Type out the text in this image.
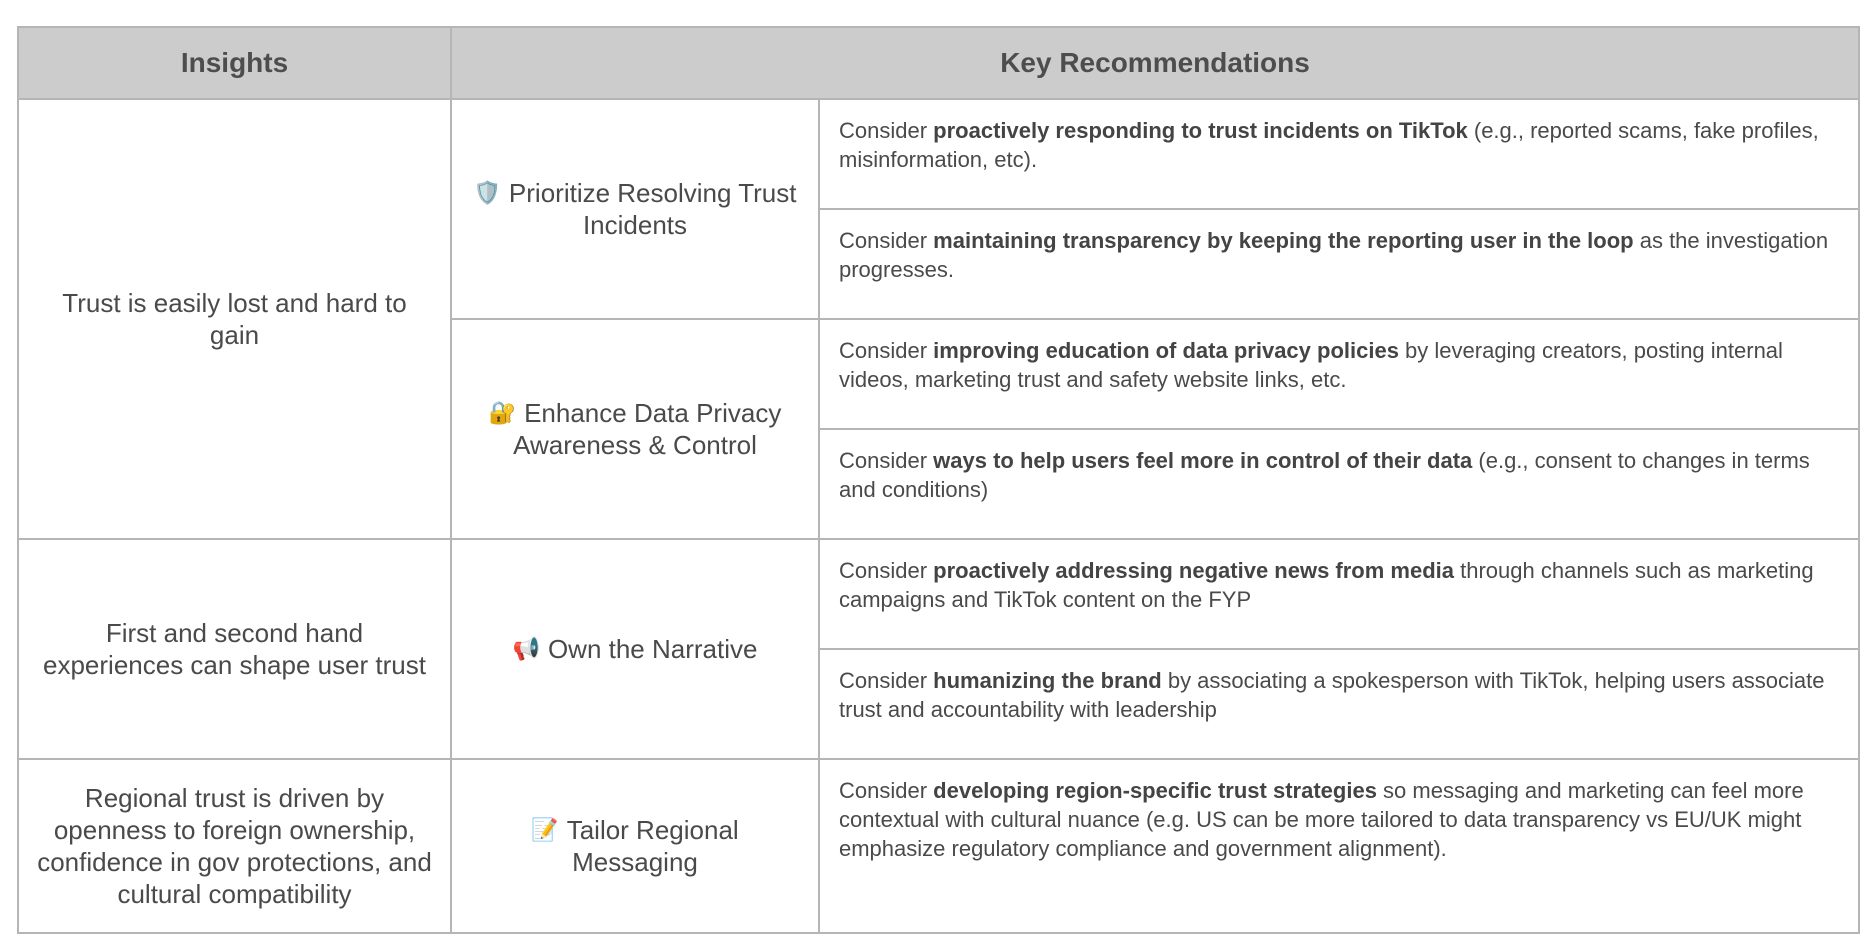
Insights	Key Recommendations	
Trust is easily lost and hard to gain	🛡️ Prioritize Resolving Trust Incidents	Consider proactively responding to trust incidents on TikTok (e.g., reported scams, fake profiles, misinformation, etc).
		Consider maintaining transparency by keeping the reporting user in the loop as the investigation progresses.
	🔐 Enhance Data Privacy Awareness & Control	Consider improving education of data privacy policies by leveraging creators, posting internal videos, marketing trust and safety website links, etc.
		Consider ways to help users feel more in control of their data (e.g., consent to changes in terms and conditions)
First and second hand experiences can shape user trust	📢 Own the Narrative	Consider proactively addressing negative news from media through channels such as marketing campaigns and TikTok content on the FYP
		Consider humanizing the brand by associating a spokesperson with TikTok, helping users associate trust and accountability with leadership
Regional trust is driven by openness to foreign ownership, confidence in gov protections, and cultural compatibility	📝 Tailor Regional Messaging	Consider developing region-specific trust strategies so messaging and marketing can feel more contextual with cultural nuance (e.g. US can be more tailored to data transparency vs EU/UK might emphasize regulatory compliance and government alignment).
